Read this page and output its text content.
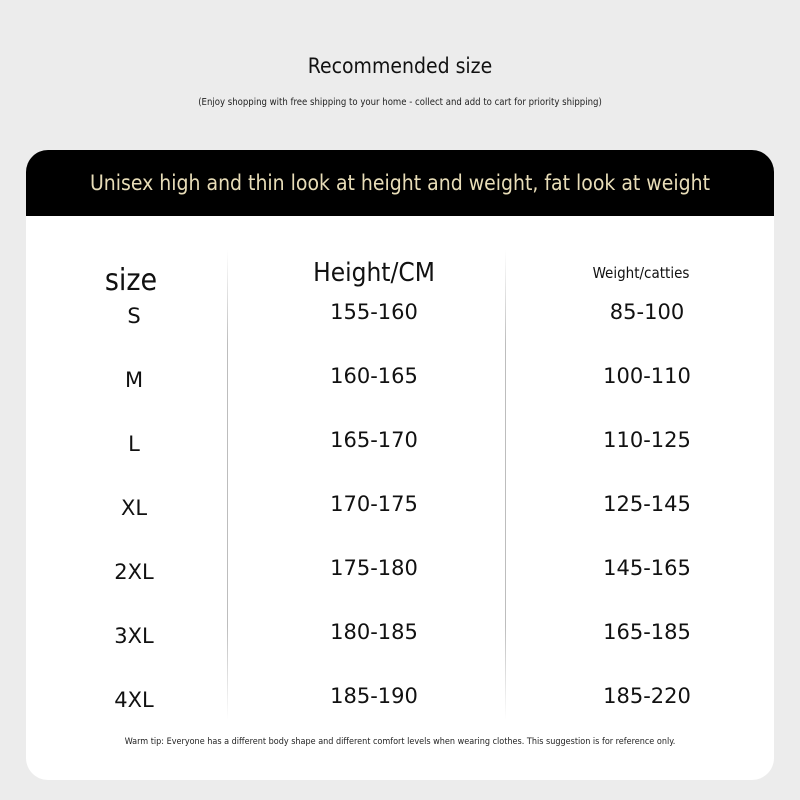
Recommended size
(Enjoy shopping with free shipping to your home - collect and add to cart for priority shipping)
Unisex high and thin look at height and weight, fat look at weight
size	Height/CM	Weight/catties
S	155-160	85-100
M	160-165	100-110
L	165-170	110-125
XL	170-175	125-145
2XL	175-180	145-165
3XL	180-185	165-185
4XL	185-190	185-220
Warm tip: Everyone has a different body shape and different comfort levels when wearing clothes. This suggestion is for reference only.
